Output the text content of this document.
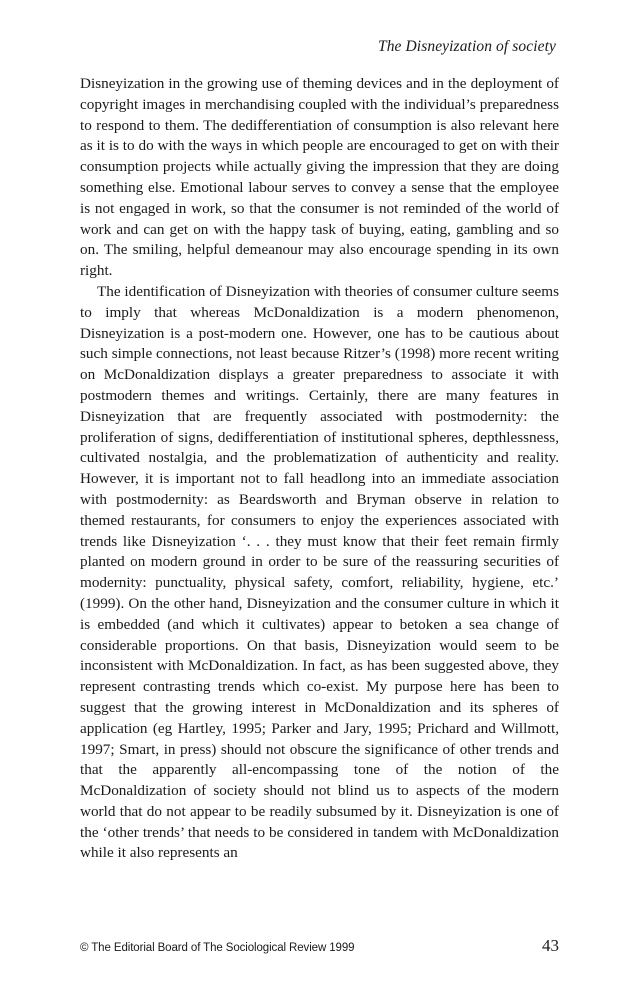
The Disneyization of society

Disneyization in the growing use of theming devices and in the deployment of copyright images in merchandising coupled with the individual’s preparedness to respond to them. The dedifferentiation of consumption is also relevant here as it is to do with the ways in which people are encouraged to get on with their consumption projects while actually giving the impression that they are doing something else. Emotional labour serves to convey a sense that the employee is not engaged in work, so that the consumer is not reminded of the world of work and can get on with the happy task of buying, eating, gambling and so on. The smiling, helpful demeanour may also encourage spending in its own right.

The identification of Disneyization with theories of consumer culture seems to imply that whereas McDonaldization is a modern phenomenon, Disneyization is a post-modern one. However, one has to be cautious about such simple connections, not least because Ritzer’s (1998) more recent writing on McDonaldization displays a greater preparedness to associate it with postmodern themes and writings. Certainly, there are many features in Disneyization that are frequently associated with postmodernity: the proliferation of signs, dedifferentiation of institutional spheres, depthlessness, cultivated nostalgia, and the problematization of authenticity and reality. However, it is important not to fall headlong into an immediate association with postmodernity: as Beardsworth and Bryman observe in relation to themed restaurants, for consumers to enjoy the experiences associated with trends like Disneyization ‘. . . they must know that their feet remain firmly planted on modern ground in order to be sure of the reassuring securities of modernity: punctuality, physical safety, comfort, reliability, hygiene, etc.’ (1999). On the other hand, Disneyization and the consumer culture in which it is embedded (and which it cultivates) appear to betoken a sea change of considerable proportions. On that basis, Disneyization would seem to be inconsistent with McDonaldization. In fact, as has been suggested above, they represent contrasting trends which co-exist. My purpose here has been to suggest that the growing interest in McDonaldization and its spheres of application (eg Hartley, 1995; Parker and Jary, 1995; Prichard and Willmott, 1997; Smart, in press) should not obscure the significance of other trends and that the apparently all-encompassing tone of the notion of the McDonaldization of society should not blind us to aspects of the modern world that do not appear to be readily subsumed by it. Disneyization is one of the ‘other trends’ that needs to be considered in tandem with McDonaldization while it also represents an

© The Editorial Board of The Sociological Review 1999	43
